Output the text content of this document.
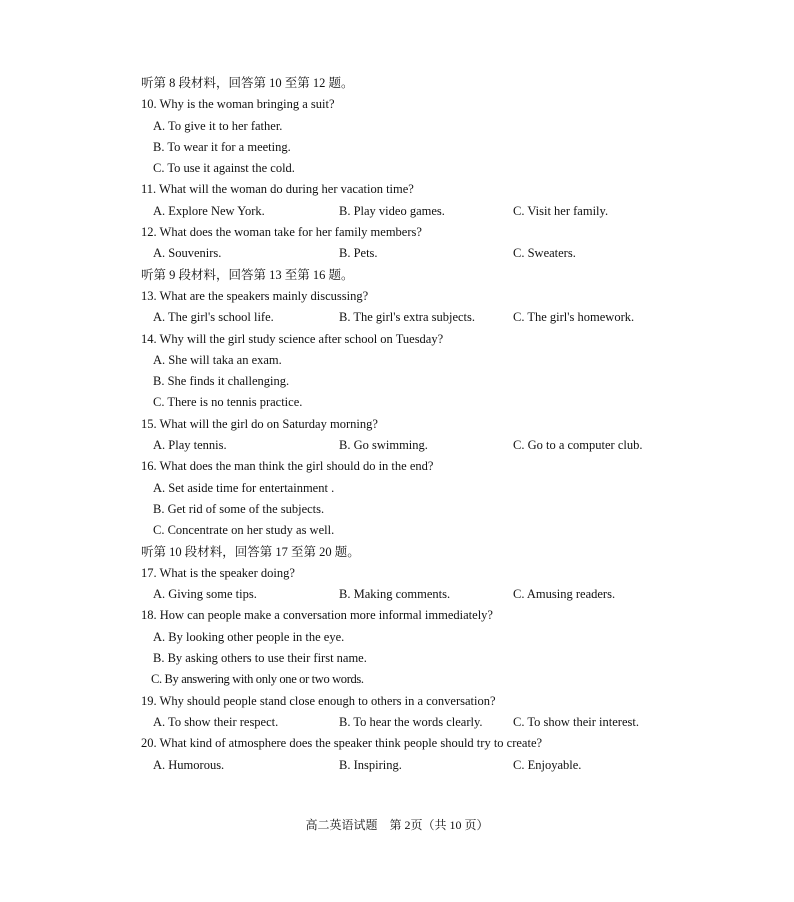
听第 8 段材料，回答第 10 至第 12 题。
10. Why is the woman bringing a suit?
A. To give it to her father.
B. To wear it for a meeting.
C. To use it against the cold.
11. What will the woman do during her vacation time?
A. Explore New York.	B. Play video games.	C. Visit her family.
12. What does the woman take for her family members?
A. Souvenirs.	B. Pets.	C. Sweaters.
听第 9 段材料，回答第 13 至第 16 题。
13. What are the speakers mainly discussing?
A. The girl's school life.	B. The girl's extra subjects.	C. The girl's homework.
14. Why will the girl study science after school on Tuesday?
A. She will taka an exam.
B. She finds it challenging.
C. There is no tennis practice.
15. What will the girl do on Saturday morning?
A. Play tennis.	B. Go swimming.	C. Go to a computer club.
16. What does the man think the girl should do in the end?
A. Set aside time for entertainment .
B. Get rid of some of the subjects.
C. Concentrate on her study as well.
听第 10 段材料，回答第 17 至第 20 题。
17. What is the speaker doing?
A. Giving some tips.	B. Making comments.	C. Amusing readers.
18. How can people make a conversation more informal immediately?
A. By looking other people in the eye.
B. By asking others to use their first name.
C. By answering with only one or two words.
19. Why should people stand close enough to others in a conversation?
A. To show their respect.	B. To hear the words clearly. C. To show their interest.
20. What kind of atmosphere does the speaker think people should try to create?
A. Humorous.	B. Inspiring.	C. Enjoyable.
高二英语试题　第 2页（共 10 页）
